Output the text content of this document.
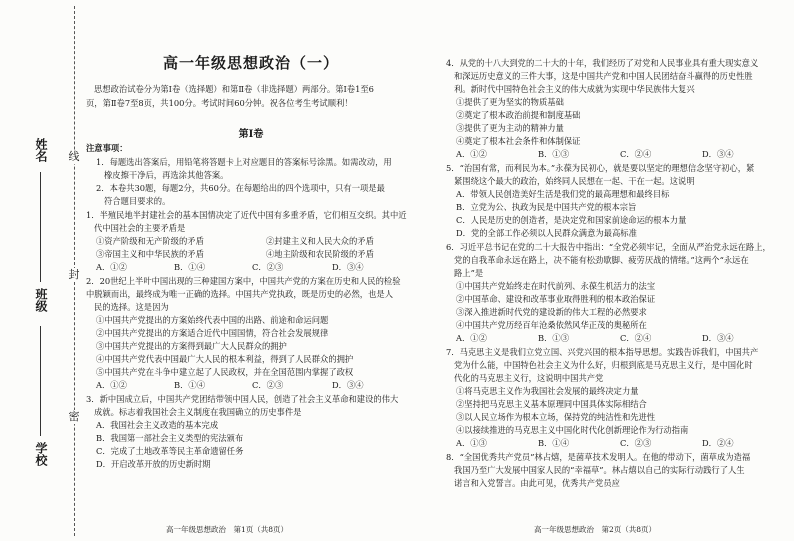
姓名
班级
学校
线
封
密
高一年级思想政治（一）
思想政治试卷分为第Ⅰ卷（选择题）和第Ⅱ卷（非选择题）两部分。第Ⅰ卷1至6
页，第Ⅱ卷7至8页，共100分。考试时间60分钟。祝各位考生考试顺利！
第Ⅰ卷
注意事项：
1．每题选出答案后，用铅笔将答题卡上对应题目的答案标号涂黑。如需改动，用
橡皮擦干净后，再选涂其他答案。
2．本卷共30题，每题2分，共60分。在每题给出的四个选项中，只有一项是最
符合题目要求的。
1．半殖民地半封建社会的基本国情决定了近代中国有多重矛盾，它们相互交织。其中近
代中国社会的主要矛盾是
①资产阶级和无产阶级的矛盾	②封建主义和人民大众的矛盾
③帝国主义和中华民族的矛盾	④地主阶级和农民阶级的矛盾
A．①②	B．①④	C．②③	D．③④
2．20世纪上半叶中国出现的三种建国方案中，中国共产党的方案在历史和人民的检验
中脱颖而出，最终成为唯一正确的选择。中国共产党执政，既是历史的必然，也是人
民的选择。这是因为
①中国共产党提出的方案始终代表中国的出路、前途和命运问题
②中国共产党提出的方案适合近代中国国情，符合社会发展规律
③中国共产党提出的方案得到最广大人民群众的拥护
④中国共产党代表中国最广大人民的根本利益，得到了人民群众的拥护
⑤中国共产党在斗争中建立起了人民政权，并在全国范围内掌握了政权
A．①②	B．①④	C．②③	D．③④
3．新中国成立后，中国共产党团结带领中国人民，创造了社会主义革命和建设的伟大
成就。标志着我国社会主义制度在我国确立的历史事件是
A．我国社会主义改造的基本完成
B．我国第一部社会主义类型的宪法颁布
C．完成了土地改革等民主革命遗留任务
D．开启改革开放的历史新时期
高一年级思想政治　第1页（共8页）
4．从党的十八大到党的二十大的十年，我们经历了对党和人民事业具有重大现实意义
和深远历史意义的三件大事，这是中国共产党和中国人民团结奋斗赢得的历史性胜
利。新时代中国特色社会主义的伟大成就为实现中华民族伟大复兴
①提供了更为坚实的物质基础
②奠定了根本政治前提和制度基础
③提供了更为主动的精神力量
④奠定了根本社会条件和体制保证
A．①②	B．①③	C．②④	D．③④
5．“治国有常，而利民为本。”永葆为民初心，就是要以坚定的理想信念坚守初心，紧
紧围绕这个最大的政治，始终同人民想在一起、干在一起。这说明
A．带领人民创造美好生活是我们党的最高理想和最终目标
B．立党为公、执政为民是中国共产党的根本宗旨
C．人民是历史的创造者，是决定党和国家前途命运的根本力量
D．党的全部工作必须以人民群众满意为最高标准
6．习近平总书记在党的二十大报告中指出：“全党必须牢记，全面从严治党永远在路上，
党的自我革命永远在路上，决不能有松劲歇脚、疲劳厌战的情绪。”这两个“永远在
路上”是
①中国共产党始终走在时代前列、永葆生机活力的法宝
②中国革命、建设和改革事业取得胜利的根本政治保证
③深入推进新时代党的建设新的伟大工程的必然要求
④中国共产党历经百年沧桑依然风华正茂的奥秘所在
A．①②	B．①③	C．②④	D．③④
7．马克思主义是我们立党立国、兴党兴国的根本指导思想。实践告诉我们，中国共产
党为什么能，中国特色社会主义为什么好，归根到底是马克思主义行，是中国化时
代化的马克思主义行，这说明中国共产党
①将马克思主义作为我国社会发展的最终决定力量
②坚持把马克思主义基本原理同中国具体实际相结合
③以人民立场作为根本立场，保持党的纯洁性和先进性
④以接续推进的马克思主义中国化时代化创新理论作为行动指南
A．①③	B．①④	C．②③	D．②④
8．“全国优秀共产党员”林占熺，是菌草技术发明人。在他的带动下，菌草成为造福
我国乃至广大发展中国家人民的“幸福草”。林占熺以自己的实际行动践行了人生
诺言和入党誓言。由此可见，优秀共产党员应
高一年级思想政治　第2页（共8页）
